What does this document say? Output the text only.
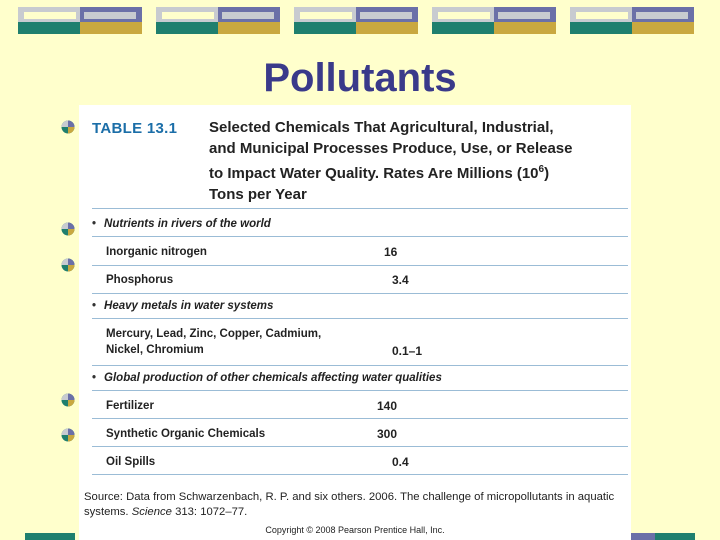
Pollutants
TABLE 13.1 Selected Chemicals That Agricultural, Industrial,
and Municipal Processes Produce, Use, or Release
to Impact Water Quality. Rates Are Millions $(10^6)$
Tons per Year
• Nutrients in rivers of the world
Inorganic nitrogen	16
Phosphorus	3.4
• Heavy metals in water systems
Mercury, Lead, Zinc, Copper, Cadmium,
Nickel, Chromium	0.1–1
• Global production of other chemicals affecting water qualities
Fertilizer	140
Synthetic Organic Chemicals	300
Oil Spills	0.4
Source: Data from Schwarzenbach, R. P. and six others. 2006. The challenge of micropollutants in aquatic systems. Science 313: 1072–77.
Copyright © 2008 Pearson Prentice Hall, Inc.
